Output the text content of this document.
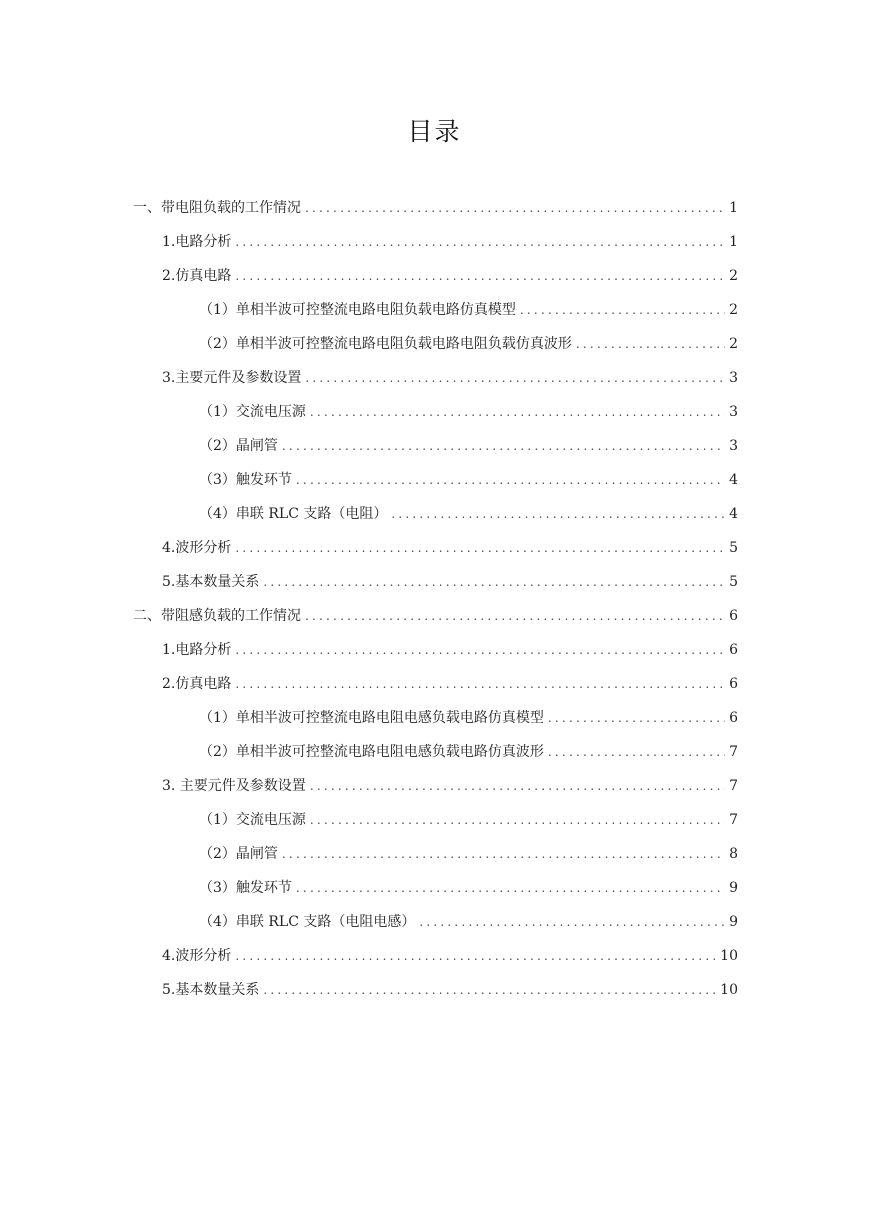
目录
一、带电阻负载的工作情况 .....	1
1.电路分析 .....	1
2.仿真电路 .....	2
（1）单相半波可控整流电路电阻负载电路仿真模型 .....	2
（2）单相半波可控整流电路电阻负载电路电阻负载仿真波形 .....	2
3.主要元件及参数设置 .....	3
（1）交流电压源 .....	3
（2）晶闸管 .....	3
（3）触发环节 .....	4
（4）串联 RLC 支路（电阻） .....	4
4.波形分析 .....	5
5.基本数量关系 .....	5
二、带阻感负载的工作情况 .....	6
1.电路分析 .....	6
2.仿真电路 .....	6
（1）单相半波可控整流电路电阻电感负载电路仿真模型 .....	6
（2）单相半波可控整流电路电阻电感负载电路仿真波形 .....	7
3. 主要元件及参数设置 .....	7
（1）交流电压源 .....	7
（2）晶闸管 .....	8
（3）触发环节 .....	9
（4）串联 RLC 支路（电阻电感） .....	9
4.波形分析 .....	10
5.基本数量关系 .....	10
